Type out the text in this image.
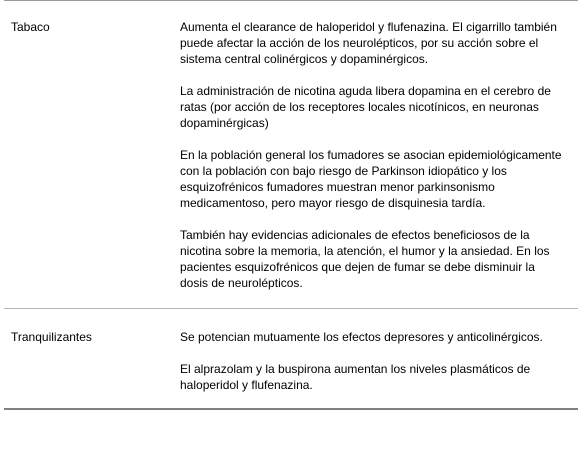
Tabaco	Aumenta el clearance de haloperidol y flufenazina. El cigarrillo también puede afectar la acción de los neurolépticos, por su acción sobre el sistema central colinérgicos y dopaminérgicos.

La administración de nicotina aguda libera dopamina en el cerebro de ratas (por acción de los receptores locales nicotínicos, en neuronas dopaminérgicas)

En la población general los fumadores se asocian epidemiológicamente con la población con bajo riesgo de Parkinson idiopático y los esquizofrénicos fumadores muestran menor parkinsonismo medicamentoso, pero mayor riesgo de disquinesia tardía.

También hay evidencias adicionales de efectos beneficiosos de la nicotina sobre la memoria, la atención, el humor y la ansiedad. En los pacientes esquizofrénicos que dejen de fumar se debe disminuir la dosis de neurolépticos.

Tranquilizantes	Se potencian mutuamente los efectos depresores y anticolinérgicos.

El alprazolam y la buspirona aumentan los niveles plasmáticos de haloperidol y flufenazina.
